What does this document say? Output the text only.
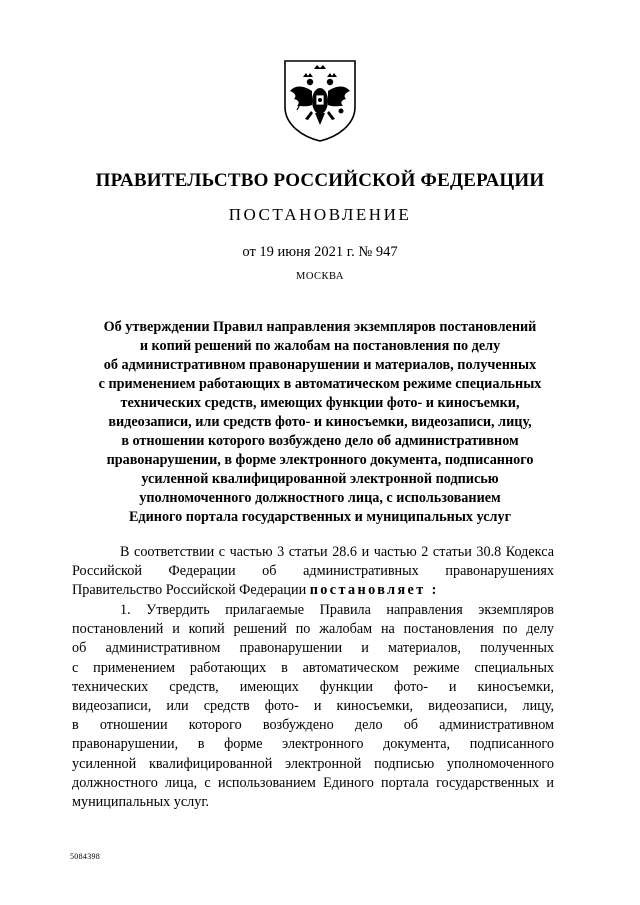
ПРАВИТЕЛЬСТВО РОССИЙСКОЙ ФЕДЕРАЦИИ
ПОСТАНОВЛЕНИЕ
от 19 июня 2021 г. № 947
МОСКВА
Об утверждении Правил направления экземпляров постановлений
и копий решений по жалобам на постановления по делу
об административном правонарушении и материалов, полученных
с применением работающих в автоматическом режиме специальных
технических средств, имеющих функции фото- и киносъемки,
видеозаписи, или средств фото- и киносъемки, видеозаписи, лицу,
в отношении которого возбуждено дело об административном
правонарушении, в форме электронного документа, подписанного
усиленной квалифицированной электронной подписью
уполномоченного должностного лица, с использованием
Единого портала государственных и муниципальных услуг
В соответствии с частью 3 статьи 28.6 и частью 2 статьи 30.8 Кодекса
Российской Федерации об административных правонарушениях
Правительство Российской Федерации постановляет :
1. Утвердить прилагаемые Правила направления экземпляров
постановлений и копий решений по жалобам на постановления по делу
об административном правонарушении и материалов, полученных
с применением работающих в автоматическом режиме специальных
технических средств, имеющих функции фото- и киносъемки,
видеозаписи, или средств фото- и киносъемки, видеозаписи, лицу,
в отношении которого возбуждено дело об административном
правонарушении, в форме электронного документа, подписанного
усиленной квалифицированной электронной подписью уполномоченного
должностного лица, с использованием Единого портала государственных и
муниципальных услуг.
5084398
